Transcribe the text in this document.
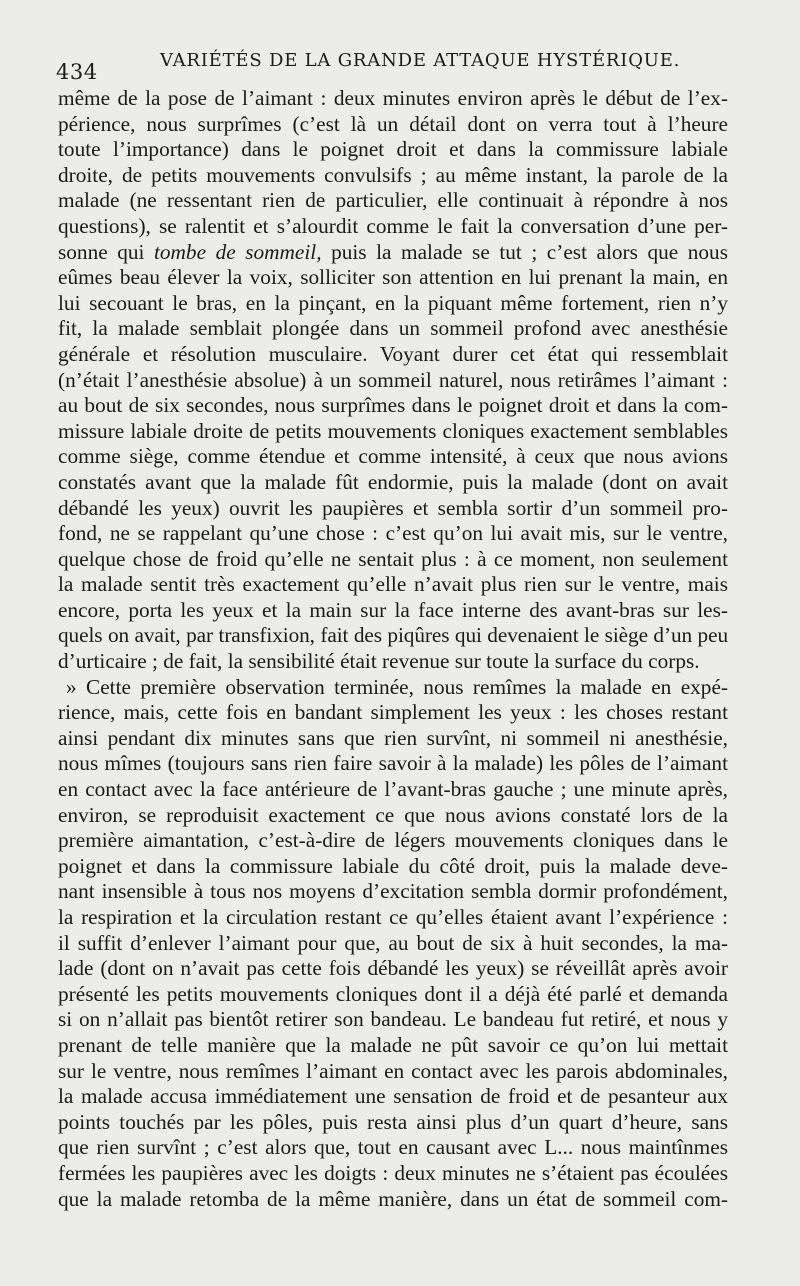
434	VARIÉTÉS DE LA GRANDE ATTAQUE HYSTÉRIQUE.
même de la pose de l’aimant : deux minutes environ après le début de l’ex-
périence, nous surprîmes (c’est là un détail dont on verra tout à l’heure
toute l’importance) dans le poignet droit et dans la commissure labiale
droite, de petits mouvements convulsifs ; au même instant, la parole de la
malade (ne ressentant rien de particulier, elle continuait à répondre à nos
questions), se ralentit et s’alourdit comme le fait la conversation d’une per-
sonne qui tombe de sommeil, puis la malade se tut ; c’est alors que nous
eûmes beau élever la voix, solliciter son attention en lui prenant la main, en
lui secouant le bras, en la pinçant, en la piquant même fortement, rien n’y
fit, la malade semblait plongée dans un sommeil profond avec anesthésie
générale et résolution musculaire. Voyant durer cet état qui ressemblait
(n’était l’anesthésie absolue) à un sommeil naturel, nous retirâmes l’aimant :
au bout de six secondes, nous surprîmes dans le poignet droit et dans la com-
missure labiale droite de petits mouvements cloniques exactement semblables
comme siège, comme étendue et comme intensité, à ceux que nous avions
constatés avant que la malade fût endormie, puis la malade (dont on avait
débandé les yeux) ouvrit les paupières et sembla sortir d’un sommeil pro-
fond, ne se rappelant qu’une chose : c’est qu’on lui avait mis, sur le ventre,
quelque chose de froid qu’elle ne sentait plus : à ce moment, non seulement
la malade sentit très exactement qu’elle n’avait plus rien sur le ventre, mais
encore, porta les yeux et la main sur la face interne des avant-bras sur les-
quels on avait, par transfixion, fait des piqûres qui devenaient le siège d’un peu
d’urticaire ; de fait, la sensibilité était revenue sur toute la surface du corps.
» Cette première observation terminée, nous remîmes la malade en expé-
rience, mais, cette fois en bandant simplement les yeux : les choses restant
ainsi pendant dix minutes sans que rien survînt, ni sommeil ni anesthésie,
nous mîmes (toujours sans rien faire savoir à la malade) les pôles de l’aimant
en contact avec la face antérieure de l’avant-bras gauche ; une minute après,
environ, se reproduisit exactement ce que nous avions constaté lors de la
première aimantation, c’est-à-dire de légers mouvements cloniques dans le
poignet et dans la commissure labiale du côté droit, puis la malade deve-
nant insensible à tous nos moyens d’excitation sembla dormir profondément,
la respiration et la circulation restant ce qu’elles étaient avant l’expérience :
il suffit d’enlever l’aimant pour que, au bout de six à huit secondes, la ma-
lade (dont on n’avait pas cette fois débandé les yeux) se réveillât après avoir
présenté les petits mouvements cloniques dont il a déjà été parlé et demanda
si on n’allait pas bientôt retirer son bandeau. Le bandeau fut retiré, et nous y
prenant de telle manière que la malade ne pût savoir ce qu’on lui mettait
sur le ventre, nous remîmes l’aimant en contact avec les parois abdominales,
la malade accusa immédiatement une sensation de froid et de pesanteur aux
points touchés par les pôles, puis resta ainsi plus d’un quart d’heure, sans
que rien survînt ; c’est alors que, tout en causant avec L... nous maintînmes
fermées les paupières avec les doigts : deux minutes ne s’étaient pas écoulées
que la malade retomba de la même manière, dans un état de sommeil com-
